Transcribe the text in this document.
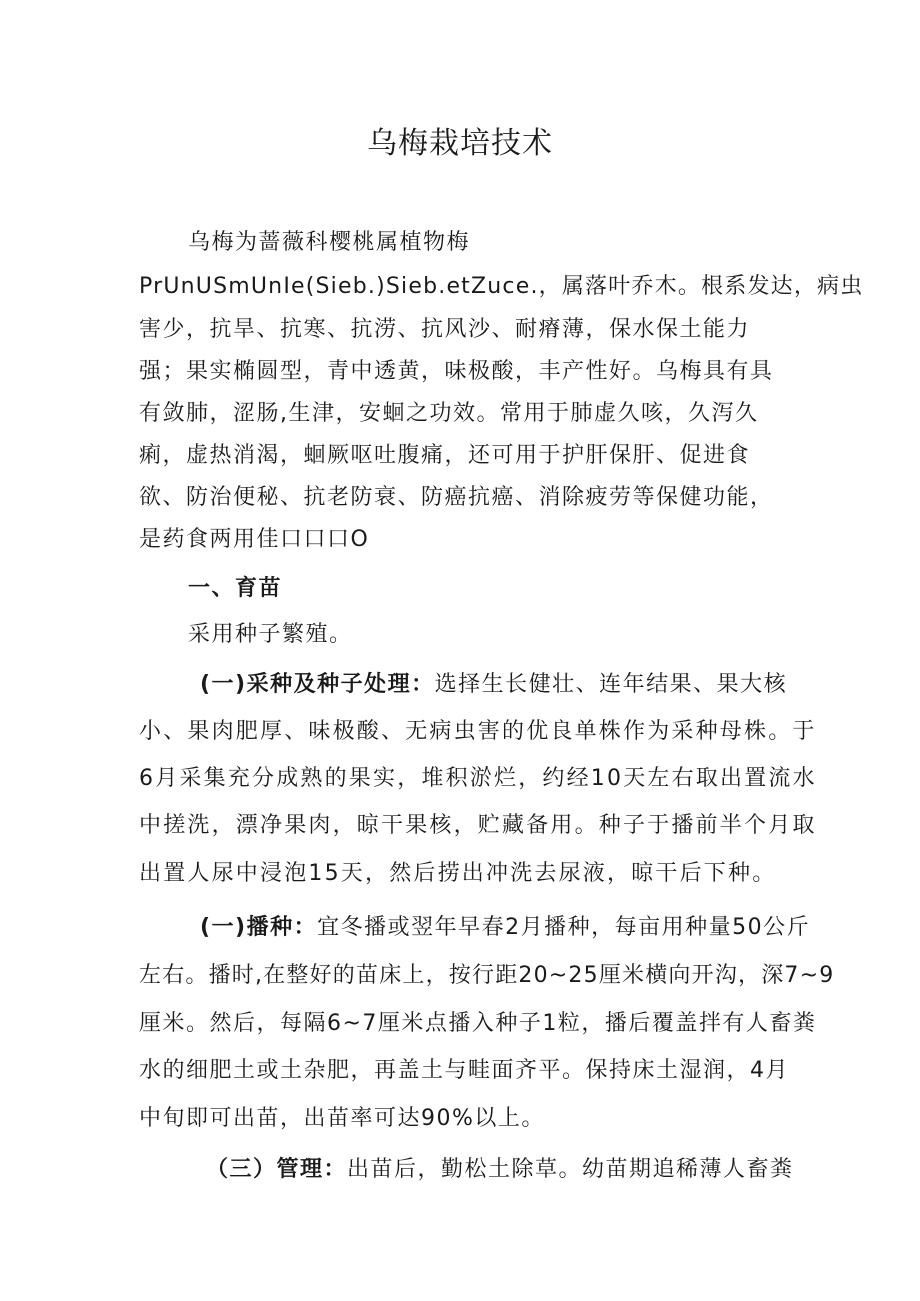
乌梅栽培技术
乌梅为蔷薇科樱桃属植物梅
PrUnUSmUnIe(Sieb.)Sieb.etZuce.，属落叶乔木。根系发达，病虫
害少，抗旱、抗寒、抗涝、抗风沙、耐瘠薄，保水保土能力
强；果实椭圆型，青中透黄，味极酸，丰产性好。乌梅具有具
有敛肺，涩肠,生津，安蛔之功效。常用于肺虚久咳，久泻久
痢，虚热消渴，蛔厥呕吐腹痛，还可用于护肝保肝、促进食
欲、防治便秘、抗老防衰、防癌抗癌、消除疲劳等保健功能，
是药食两用佳口口口O
一、育苗
采用种子繁殖。
(一)采种及种子处理：选择生长健壮、连年结果、果大核
小、果肉肥厚、味极酸、无病虫害的优良单株作为采种母株。于
6月采集充分成熟的果实，堆积淤烂，约经10天左右取出置流水
中搓洗，漂净果肉，晾干果核，贮藏备用。种子于播前半个月取
出置人尿中浸泡15天，然后捞出冲洗去尿液，晾干后下种。
(一)播种：宜冬播或翌年早春2月播种，每亩用种量50公斤
左右。播时,在整好的苗床上，按行距20~25厘米横向开沟，深7~9
厘米。然后，每隔6~7厘米点播入种子1粒，播后覆盖拌有人畜粪
水的细肥土或土杂肥，再盖土与畦面齐平。保持床土湿润，4月
中旬即可出苗，出苗率可达90%以上。
（三）管理：出苗后，勤松土除草。幼苗期追稀薄人畜粪
